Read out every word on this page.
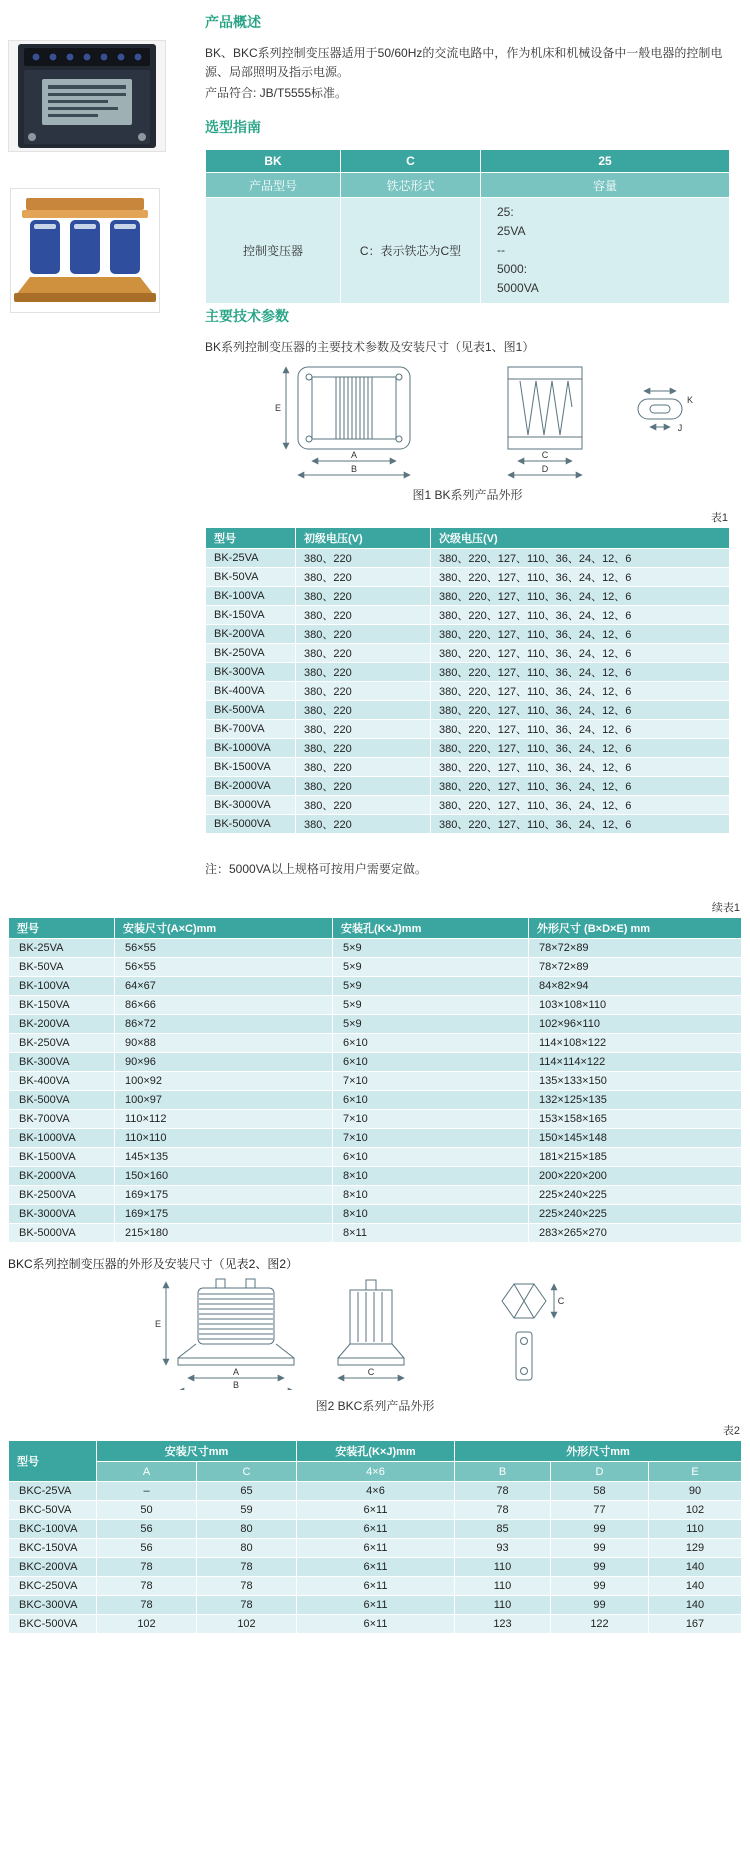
产品概述

BK、BKC系列控制变压器适用于50/60Hz的交流电路中，作为机床和机械设备中一般电器的控制电源、局部照明及指示电源。

产品符合: JB/T5555标准。

选型指南
BK	C	25
产品型号	铁芯形式	容量
控制变压器	C：表示铁芯为C型	25:
25VA
--
5000:
5000VA
主要技术参数

BK系列控制变压器的主要技术参数及安装尺寸（见表1、图1）

A
B
E
C
D
K
J
图1 BK系列产品外形
表1
型号	初级电压(V)	次级电压(V)
BK-25VA	380、220	380、220、127、110、36、24、12、6
BK-50VA	380、220	380、220、127、110、36、24、12、6
BK-100VA	380、220	380、220、127、110、36、24、12、6
BK-150VA	380、220	380、220、127、110、36、24、12、6
BK-200VA	380、220	380、220、127、110、36、24、12、6
BK-250VA	380、220	380、220、127、110、36、24、12、6
BK-300VA	380、220	380、220、127、110、36、24、12、6
BK-400VA	380、220	380、220、127、110、36、24、12、6
BK-500VA	380、220	380、220、127、110、36、24、12、6
BK-700VA	380、220	380、220、127、110、36、24、12、6
BK-1000VA	380、220	380、220、127、110、36、24、12、6
BK-1500VA	380、220	380、220、127、110、36、24、12、6
BK-2000VA	380、220	380、220、127、110、36、24、12、6
BK-3000VA	380、220	380、220、127、110、36、24、12、6
BK-5000VA	380、220	380、220、127、110、36、24、12、6

注：5000VA以上规格可按用户需要定做。

续表1
型号	安装尺寸(A×C)mm	安装孔(K×J)mm	外形尺寸 (B×D×E) mm
BK-25VA	56×55	5×9	78×72×89
BK-50VA	56×55	5×9	78×72×89
BK-100VA	64×67	5×9	84×82×94
BK-150VA	86×66	5×9	103×108×110
BK-200VA	86×72	5×9	102×96×110
BK-250VA	90×88	6×10	114×108×122
BK-300VA	90×96	6×10	114×114×122
BK-400VA	100×92	7×10	135×133×150
BK-500VA	100×97	6×10	132×125×135
BK-700VA	110×112	7×10	153×158×165
BK-1000VA	110×110	7×10	150×145×148
BK-1500VA	145×135	6×10	181×215×185
BK-2000VA	150×160	8×10	200×220×200
BK-2500VA	169×175	8×10	225×240×225
BK-3000VA	169×175	8×10	225×240×225
BK-5000VA	215×180	8×11	283×265×270

BKC系列控制变压器的外形及安装尺寸（见表2、图2）

A
B
E
C
C
图2 BKC系列产品外形
表2
型号	安装尺寸mm		安装孔(K×J)mm	外形尺寸mm		
	A	C	4×6	B	D	E
BKC-25VA	–	65	4×6	78	58	90
BKC-50VA	50	59	6×11	78	77	102
BKC-100VA	56	80	6×11	85	99	110
BKC-150VA	56	80	6×11	93	99	129
BKC-200VA	78	78	6×11	110	99	140
BKC-250VA	78	78	6×11	110	99	140
BKC-300VA	78	78	6×11	110	99	140
BKC-500VA	102	102	6×11	123	122	167
